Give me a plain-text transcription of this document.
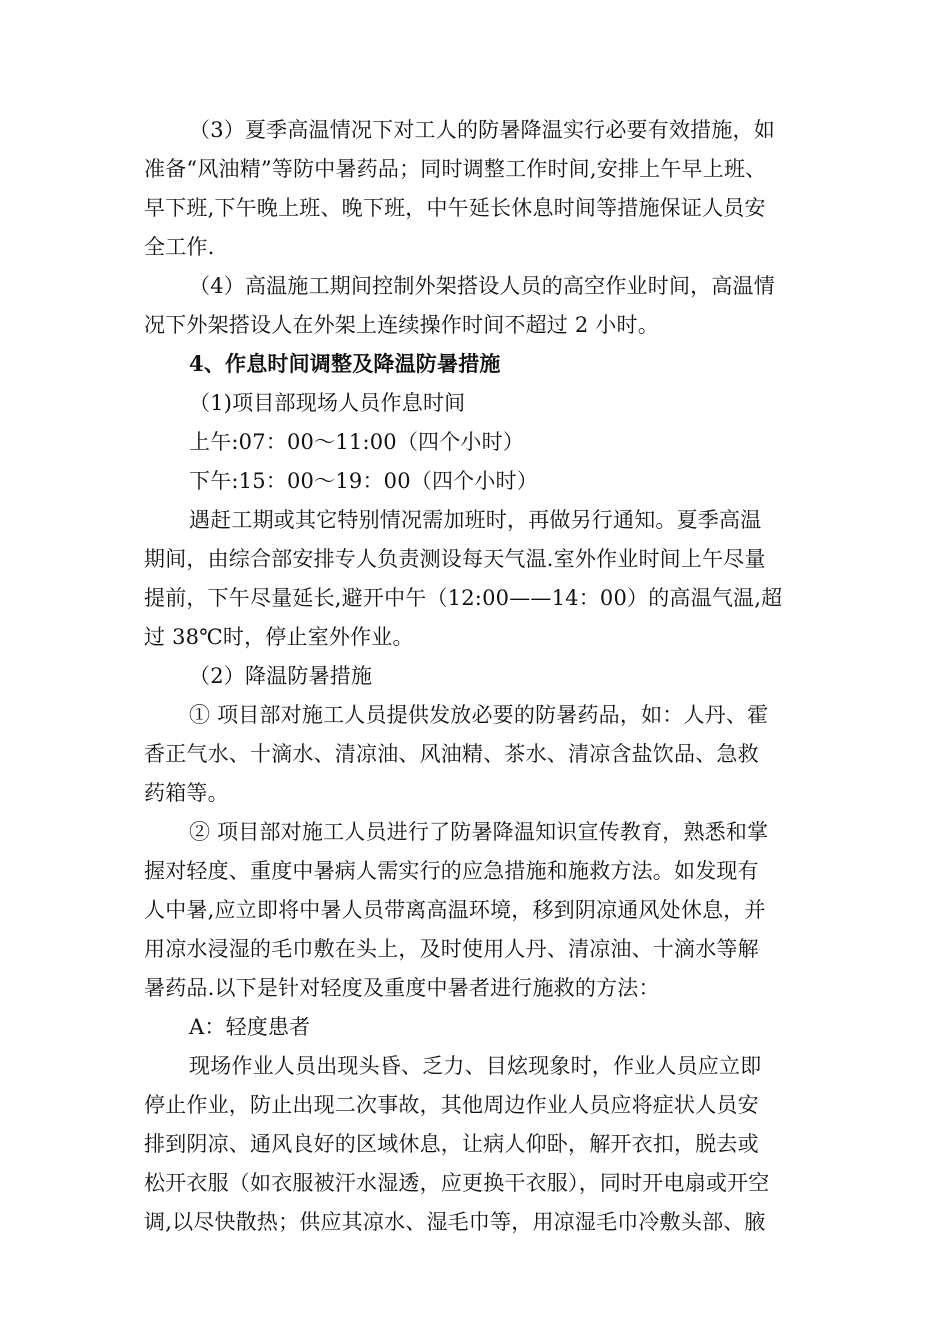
（3）夏季高温情况下对工人的防暑降温实行必要有效措施，如
准备“风油精”等防中暑药品；同时调整工作时间,安排上午早上班、
早下班,下午晚上班、晚下班，中午延长休息时间等措施保证人员安
全工作.
（4）高温施工期间控制外架搭设人员的高空作业时间，高温情
况下外架搭设人在外架上连续操作时间不超过 2 小时。
4、作息时间调整及降温防暑措施
（1)项目部现场人员作息时间
上午:07：00～11:00（四个小时）
下午:15：00～19：00（四个小时）
遇赶工期或其它特别情况需加班时，再做另行通知。夏季高温
期间，由综合部安排专人负责测设每天气温.室外作业时间上午尽量
提前，下午尽量延长,避开中午（12:00——14：00）的高温气温,超
过 38℃时，停止室外作业。
（2）降温防暑措施
① 项目部对施工人员提供发放必要的防暑药品，如：人丹、霍
香正气水、十滴水、清凉油、风油精、茶水、清凉含盐饮品、急救
药箱等。
② 项目部对施工人员进行了防暑降温知识宣传教育，熟悉和掌
握对轻度、重度中暑病人需实行的应急措施和施救方法。如发现有
人中暑,应立即将中暑人员带离高温环境，移到阴凉通风处休息，并
用凉水浸湿的毛巾敷在头上，及时使用人丹、清凉油、十滴水等解
暑药品.以下是针对轻度及重度中暑者进行施救的方法：
A：轻度患者
现场作业人员出现头昏、乏力、目炫现象时，作业人员应立即
停止作业，防止出现二次事故，其他周边作业人员应将症状人员安
排到阴凉、通风良好的区域休息，让病人仰卧，解开衣扣，脱去或
松开衣服（如衣服被汗水湿透，应更换干衣服），同时开电扇或开空
调,以尽快散热；供应其凉水、湿毛巾等，用凉湿毛巾冷敷头部、腋
